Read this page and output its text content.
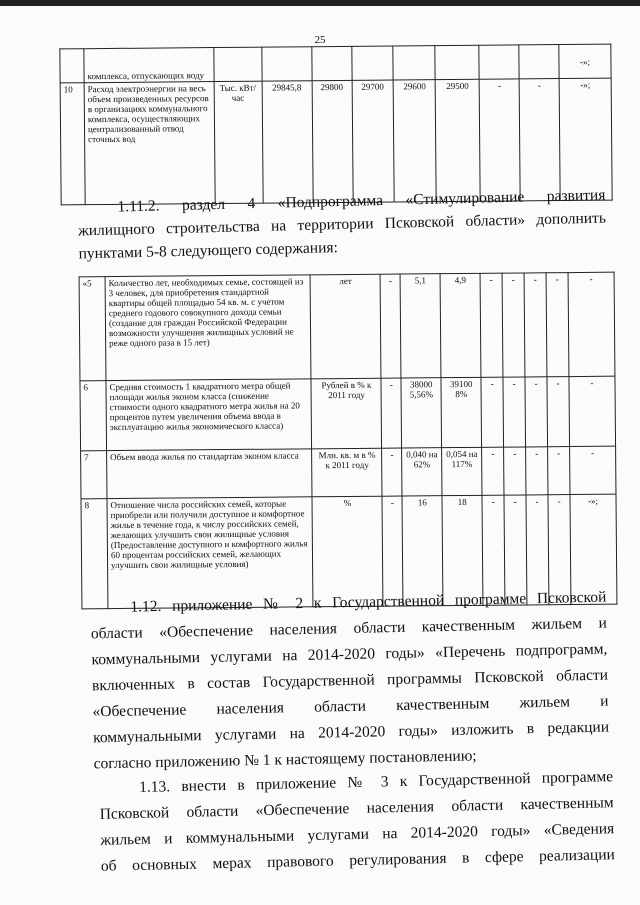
25
	комплекса, отпускающих воду									-»;
10	Расход электроэнергии на весь объем произведенных ресурсов в организациях коммунального комплекса, осуществляющих централизованный отвод сточных вод	Тыс. кВт/час	29845,8	29800	29700	29600	29500	-	-	-»;
1.11.2. раздел 4 «Подпрограмма «Стимулирование развития
жилищного строительства на территории Псковской области» дополнить
пунктами 5-8 следующего содержания:
«5	Количество лет, необходимых семье, состоящей из 3 человек, для приобретения стандартной квартиры общей площадью 54 кв. м. с учетом среднего годового совокупного дохода семьи (создание для граждан Российской Федерации возможности улучшения жилищных условий не реже одного раза в 15 лет)	лет	-	5,1	4,9	-	-	-	-	-
6	Средняя стоимость 1 квадратного метра общей площади жилья эконом класса (снижение стоимости одного квадратного метра жилья на 20 процентов путем увеличения объема ввода в эксплуатацию жилья экономического класса)	Рублей в % к 2011 году	-	38000 5,56%	39100 8%	-	-	-	-	-
7	Объем ввода жилья по стандартам эконом класса	Млн. кв. м в % к 2011 году	-	0,040 на 62%	0,054 на 117%	-	-	-	-	-
8	Отношение числа российских семей, которые приобрели или получили доступное и комфортное жилье в течение года, к числу российских семей, желающих улучшить свои жилищные условия (Предоставление доступного и комфортного жилья 60 процентам российских семей, желающих улучшить свои жилищные условия)	%	-	16	18	-	-	-	-	-»;
1.12. приложение № 2 к Государственной программе Псковской
области «Обеспечение населения области качественным жильем и
коммунальными услугами на 2014-2020 годы» «Перечень подпрограмм,
включенных в состав Государственной программы Псковской области
«Обеспечение населения области качественным жильем и
коммунальными услугами на 2014-2020 годы» изложить в редакции
согласно приложению № 1 к настоящему постановлению;
1.13. внести в приложение № 3 к Государственной программе
Псковской области «Обеспечение населения области качественным
жильем и коммунальными услугами на 2014-2020 годы» «Сведения
об основных мерах правового регулирования в сфере реализации
